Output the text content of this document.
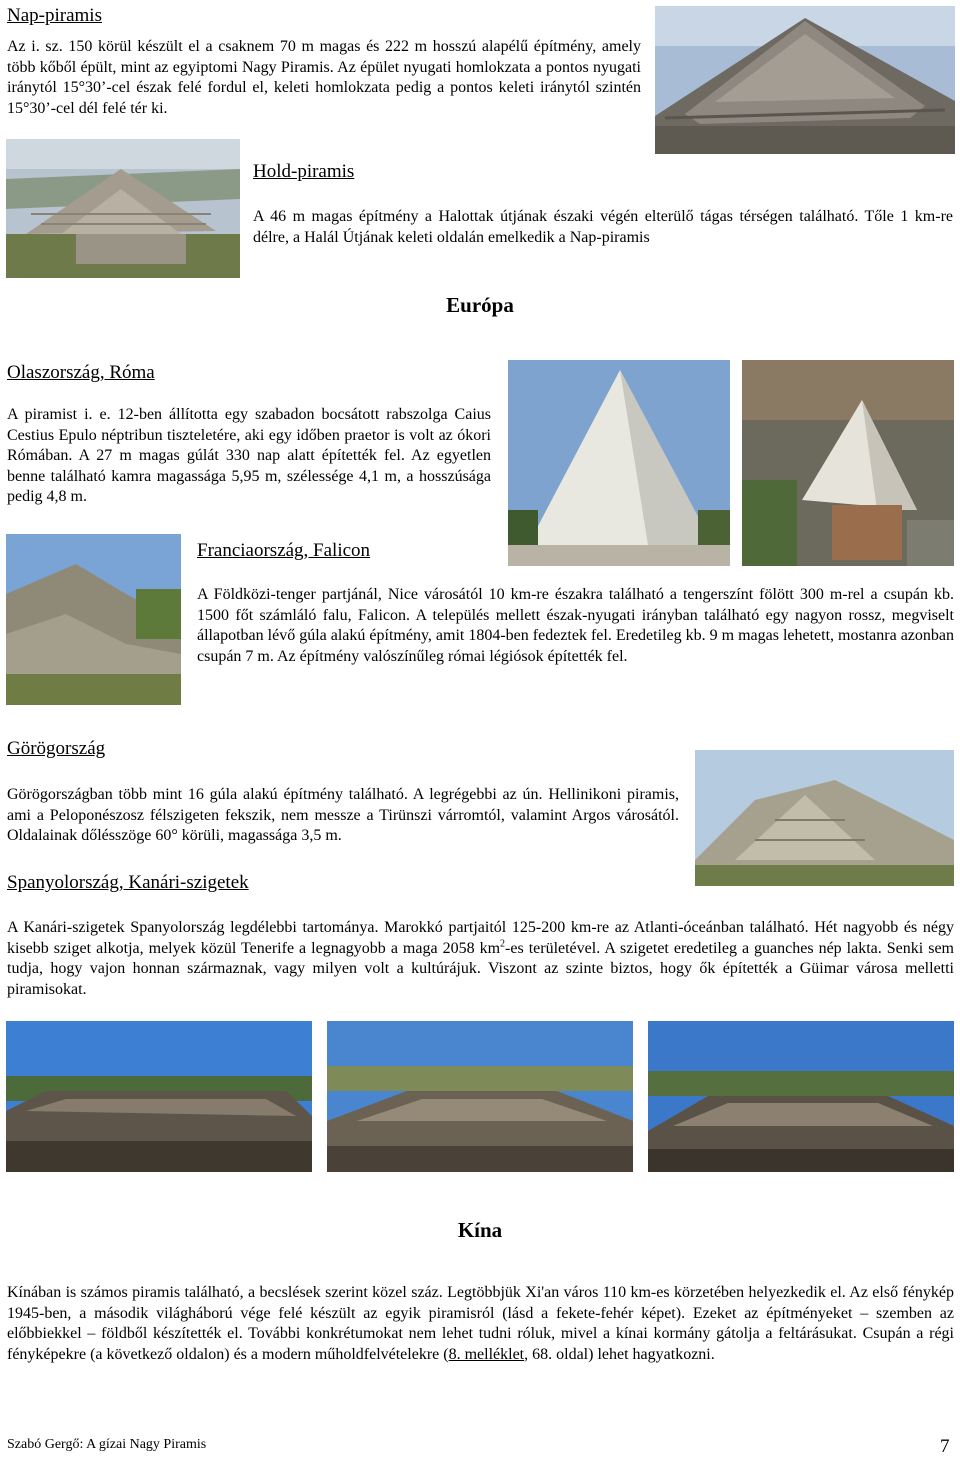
Nap-piramis

Az i. sz. 150 körül készült el a csaknem 70 m magas és 222 m hosszú alapélű építmény, amely több kőből épült, mint az egyiptomi Nagy Piramis. Az épület nyugati homlokzata a pontos nyugati iránytól 15°30’-cel észak felé fordul el, keleti homlokzata pedig a pontos keleti iránytól szintén 15°30’-cel dél felé tér ki.

Hold-piramis

A 46 m magas építmény a Halottak útjának északi végén elterülő tágas térségen található. Tőle 1 km-re délre, a Halál Útjának keleti oldalán emelkedik a Nap-piramis

Európa
Olaszország, Róma

A piramist i. e. 12-ben állította egy szabadon bocsátott rabszolga Caius Cestius Epulo néptribun tiszteletére, aki egy időben praetor is volt az ókori Rómában. A 27 m magas gúlát 330 nap alatt építették fel. Az egyetlen benne található kamra magassága 5,95 m, szélessége 4,1 m, a hosszúsága pedig 4,8 m.

Franciaország, Falicon

A Földközi-tenger partjánál, Nice városától 10 km-re északra található a tengerszínt fölött 300 m-rel a csupán kb. 1500 főt számláló falu, Falicon. A település mellett észak-nyugati irányban található egy nagyon rossz, megviselt állapotban lévő gúla alakú építmény, amit 1804-ben fedeztek fel. Eredetileg kb. 9 m magas lehetett, mostanra azonban csupán 7 m. Az építmény valószínűleg római légiósok építették fel.

Görögország

Görögországban több mint 16 gúla alakú építmény található. A legrégebbi az ún. Hellinikoni piramis, ami a Peloponészosz félszigeten fekszik, nem messze a Tirünszi várromtól, valamint Argos városától. Oldalainak dőlésszöge 60° körüli, magassága 3,5 m.

Spanyolország, Kanári-szigetek

A Kanári-szigetek Spanyolország legdélebbi tartománya. Marokkó partjaitól 125-200 km-re az Atlanti-óceánban található. Hét nagyobb és négy kisebb sziget alkotja, melyek közül Tenerife a legnagyobb a maga 2058 $km^2-es$ területével. A szigetet eredetileg a guanches nép lakta. Senki sem tudja, hogy vajon honnan származnak, vagy milyen volt a kultúrájuk. Viszont az szinte biztos, hogy ők építették a Güimar városa melletti piramisokat.

Kína

Kínában is számos piramis található, a becslések szerint közel száz. Legtöbbjük Xi'an város 110 km-es körzetében helyezkedik el. Az első fénykép 1945-ben, a második világháború vége felé készült az egyik piramisról (lásd a fekete-fehér képet). Ezeket az építményeket – szemben az előbbiekkel – földből készítették el. További konkrétumokat nem lehet tudni róluk, mivel a kínai kormány gátolja a feltárásukat. Csupán a régi fényképekre (a következő oldalon) és a modern műholdfelvételekre (8. melléklet, 68. oldal) lehet hagyatkozni.

Szabó Gergő: A gízai Nagy Piramis	7
